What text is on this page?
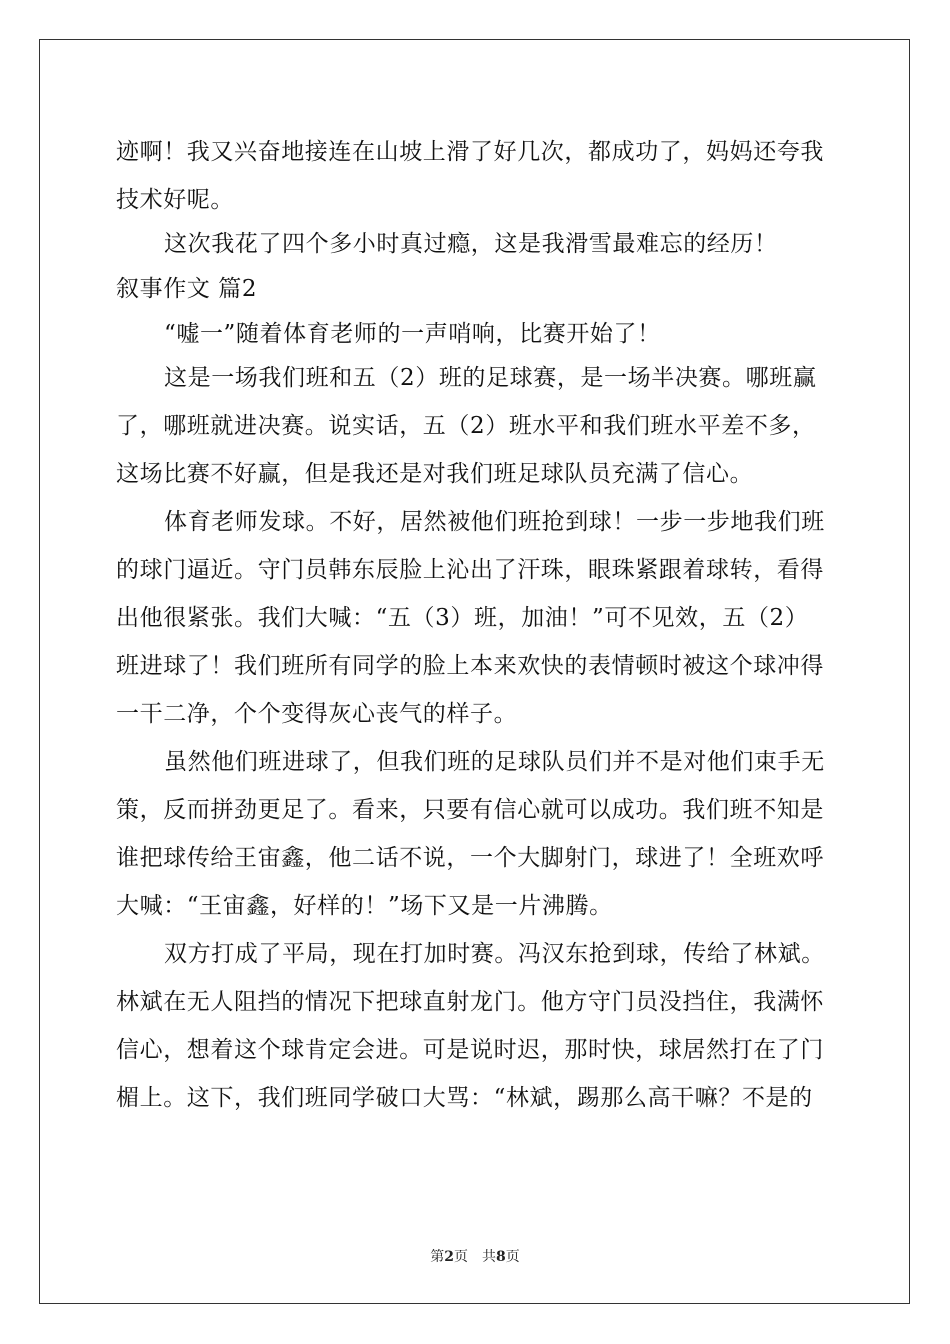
迹啊！我又兴奋地接连在山坡上滑了好几次，都成功了，妈妈还夸我
技术好呢。
这次我花了四个多小时真过瘾，这是我滑雪最难忘的经历！
叙事作文 篇2
“嘘一”随着体育老师的一声哨响，比赛开始了！
这是一场我们班和五（2）班的足球赛，是一场半决赛。哪班赢
了，哪班就进决赛。说实话，五（2）班水平和我们班水平差不多，
这场比赛不好赢，但是我还是对我们班足球队员充满了信心。
体育老师发球。不好，居然被他们班抢到球！一步一步地我们班
的球门逼近。守门员韩东辰脸上沁出了汗珠，眼珠紧跟着球转，看得
出他很紧张。我们大喊：“五（3）班，加油！”可不见效，五（2）
班进球了！我们班所有同学的脸上本来欢快的表情顿时被这个球冲得
一干二净，个个变得灰心丧气的样子。
虽然他们班进球了，但我们班的足球队员们并不是对他们束手无
策，反而拼劲更足了。看来，只要有信心就可以成功。我们班不知是
谁把球传给王宙鑫，他二话不说，一个大脚射门，球进了！全班欢呼
大喊：“王宙鑫，好样的！”场下又是一片沸腾。
双方打成了平局，现在打加时赛。冯汉东抢到球，传给了林斌。
林斌在无人阻挡的情况下把球直射龙门。他方守门员没挡住，我满怀
信心，想着这个球肯定会进。可是说时迟，那时快，球居然打在了门
楣上。这下，我们班同学破口大骂：“林斌，踢那么高干嘛？不是的
第2页　共8页
